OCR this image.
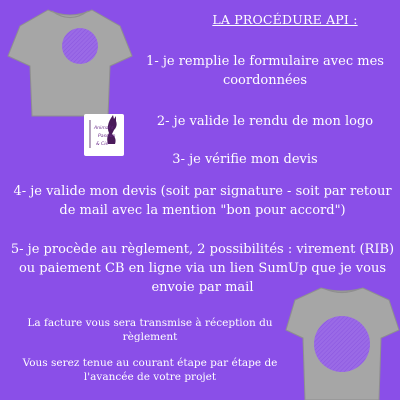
Animal's
Passion
& Cie
LA PROCÉDURE API :
1- je remplie le formulaire avec mes coordonnées
2- je valide le rendu de mon logo
3- je vérifie mon devis
4- je valide mon devis (soit par signature - soit par retour de mail avec la mention "bon pour accord")
5- je procède au règlement, 2 possibilités : virement (RIB) ou paiement CB en ligne via un lien SumUp que je vous envoie par mail
La facture vous sera transmise à réception du règlement
Vous serez tenue au courant étape par étape de l'avancée de votre projet
